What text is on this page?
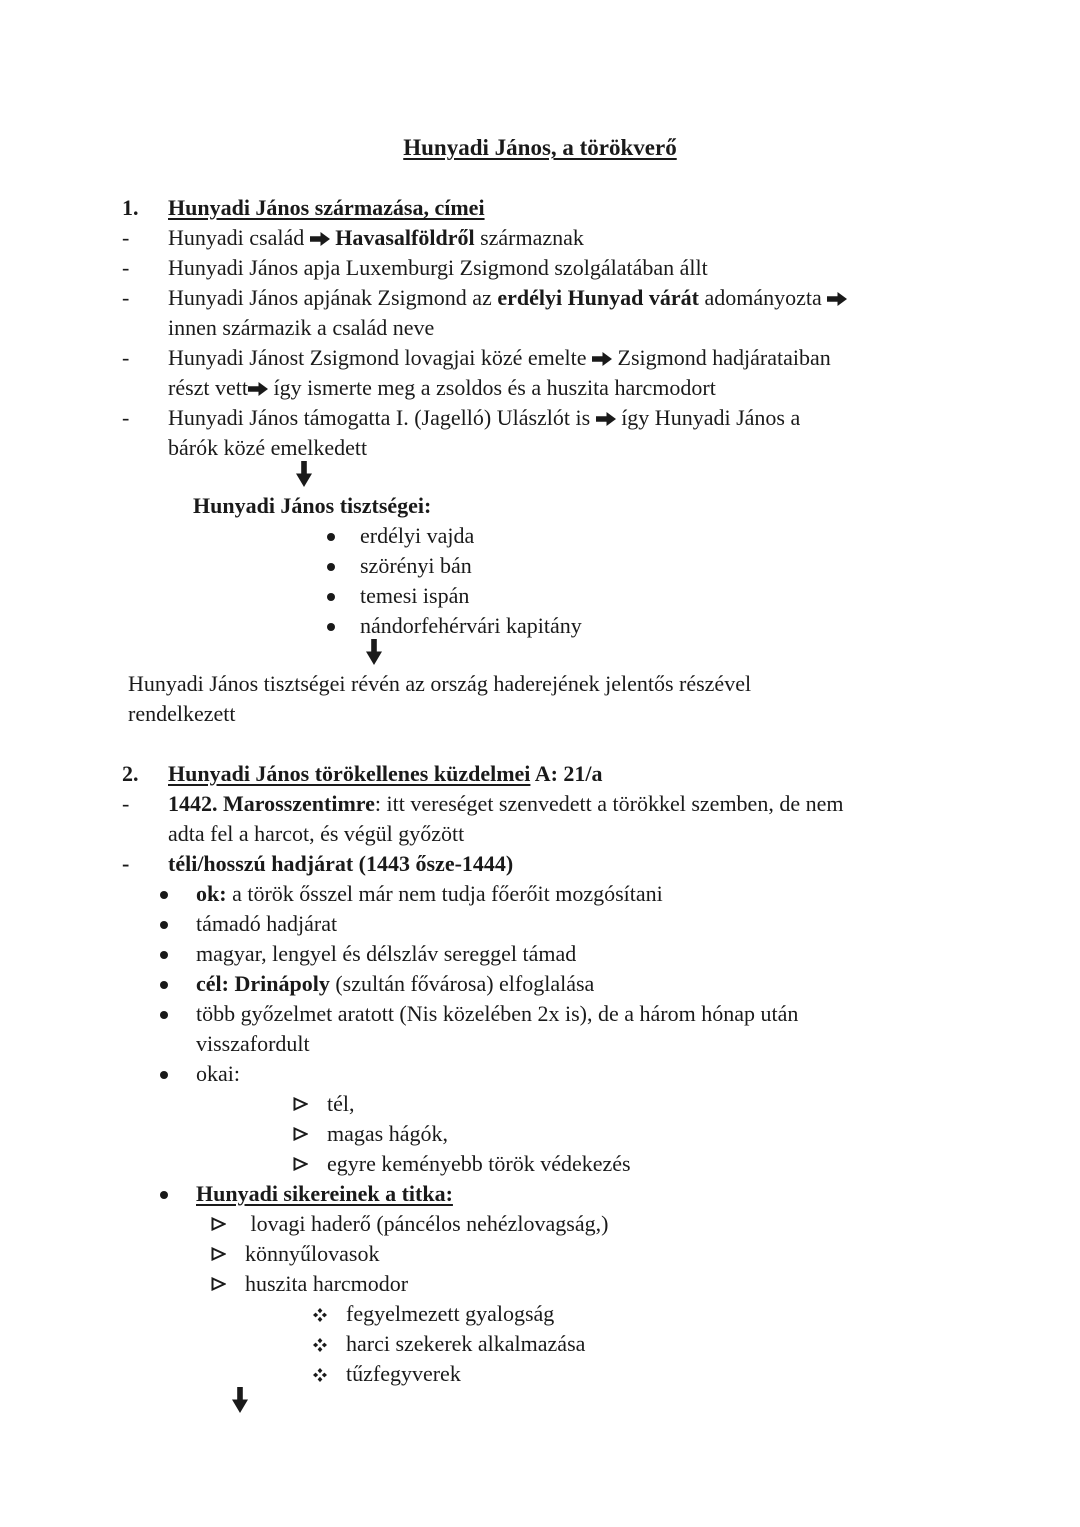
Hunyadi János, a törökverő
1. Hunyadi János származása, címei
- Hunyadi család  Havasalföldről származnak
- Hunyadi János apja Luxemburgi Zsigmond szolgálatában állt
- Hunyadi János apjának Zsigmond az erdélyi Hunyad várát adományozta
innen származik a család neve
- Hunyadi Jánost Zsigmond lovagjai közé emelte  Zsigmond hadjárataiban
részt vett így ismerte meg a zsoldos és a huszita harcmodort
- Hunyadi János támogatta I. (Jagelló) Ulászlót is  így Hunyadi János a
bárók közé emelkedett
Hunyadi János tisztségei:
erdélyi vajda
szörényi bán
temesi ispán
nándorfehérvári kapitány
Hunyadi János tisztségei révén az ország haderejének jelentős részével
rendelkezett
2. Hunyadi János törökellenes küzdelmei A: 21/a
- 1442. Marosszentimre: itt vereséget szenvedett a törökkel szemben, de nem
adta fel a harcot, és végül győzött
- téli/hosszú hadjárat (1443 ősze-1444)
ok: a török ősszel már nem tudja főerőit mozgósítani
támadó hadjárat
magyar, lengyel és délszláv sereggel támad
cél: Drinápoly (szultán fővárosa) elfoglalása
több győzelmet aratott (Nis közelében 2x is), de a három hónap után
visszafordult
okai:
tél,
magas hágók,
egyre keményebb török védekezés
Hunyadi sikereinek a titka:
lovagi haderő (páncélos nehézlovagság,)
könnyűlovasok
huszita harcmodor
fegyelmezett gyalogság
harci szekerek alkalmazása
tűzfegyverek
